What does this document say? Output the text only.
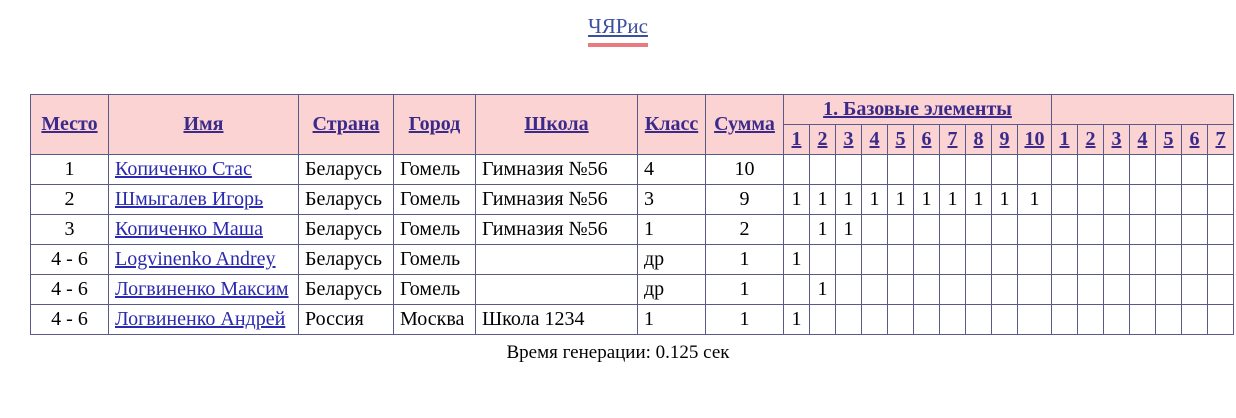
ЧЯРис
Место	Имя	Страна	Город	Школа	Класс	Сумма	1. Базовые элементы																
							1	2	3	4	5	6	7	8	9	10	1	2	3	4	5	6	7
1	Копиченко Стас	Беларусь	Гомель	Гимназия №56	4	10																	
2	Шмыгалев Игорь	Беларусь	Гомель	Гимназия №56	3	9	1	1	1	1	1	1	1	1	1	1							
3	Копиченко Маша	Беларусь	Гомель	Гимназия №56	1	2		1	1														
4 - 6	Logvinenko Andrey	Беларусь	Гомель		др	1	1																
4 - 6	Логвиненко Максим	Беларусь	Гомель		др	1		1															
4 - 6	Логвиненко Андрей	Россия	Москва	Школа 1234	1	1	1																
Время генерации: 0.125 сек
